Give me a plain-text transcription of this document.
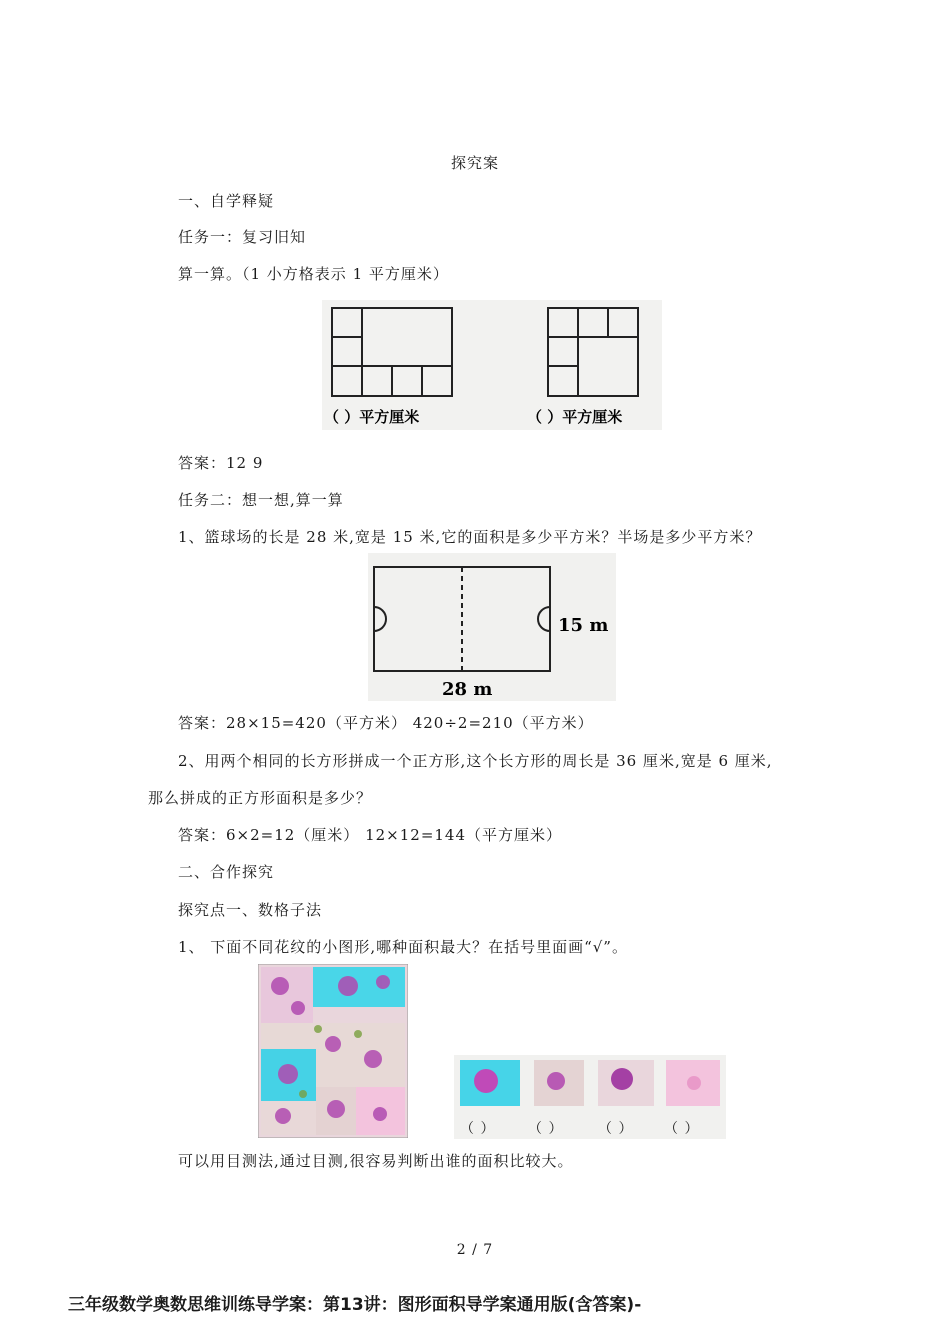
探究案
一、自学释疑
任务一：复习旧知
算一算。（1 小方格表示 1 平方厘米）
（ ）平方厘米	（ ）平方厘米
答案：12 9
任务二：想一想,算一算
1、篮球场的长是 28 米,宽是 15 米,它的面积是多少平方米？半场是多少平方米？
15 m
28 m
答案：28×15=420（平方米） 420÷2=210（平方米）
2、用两个相同的长方形拼成一个正方形,这个长方形的周长是 36 厘米,宽是 6 厘米,
那么拼成的正方形面积是多少？
答案：6×2=12（厘米） 12×12=144（平方厘米）
二、合作探究
探究点一、数格子法
1、 下面不同花纹的小图形,哪种面积最大？在括号里面画“√”。
（ ） （ ） （ ） （ ）
可以用目测法,通过目测,很容易判断出谁的面积比较大。
2 / 7
三年级数学奥数思维训练导学案：第13讲：图形面积导学案通用版(含答案)-
